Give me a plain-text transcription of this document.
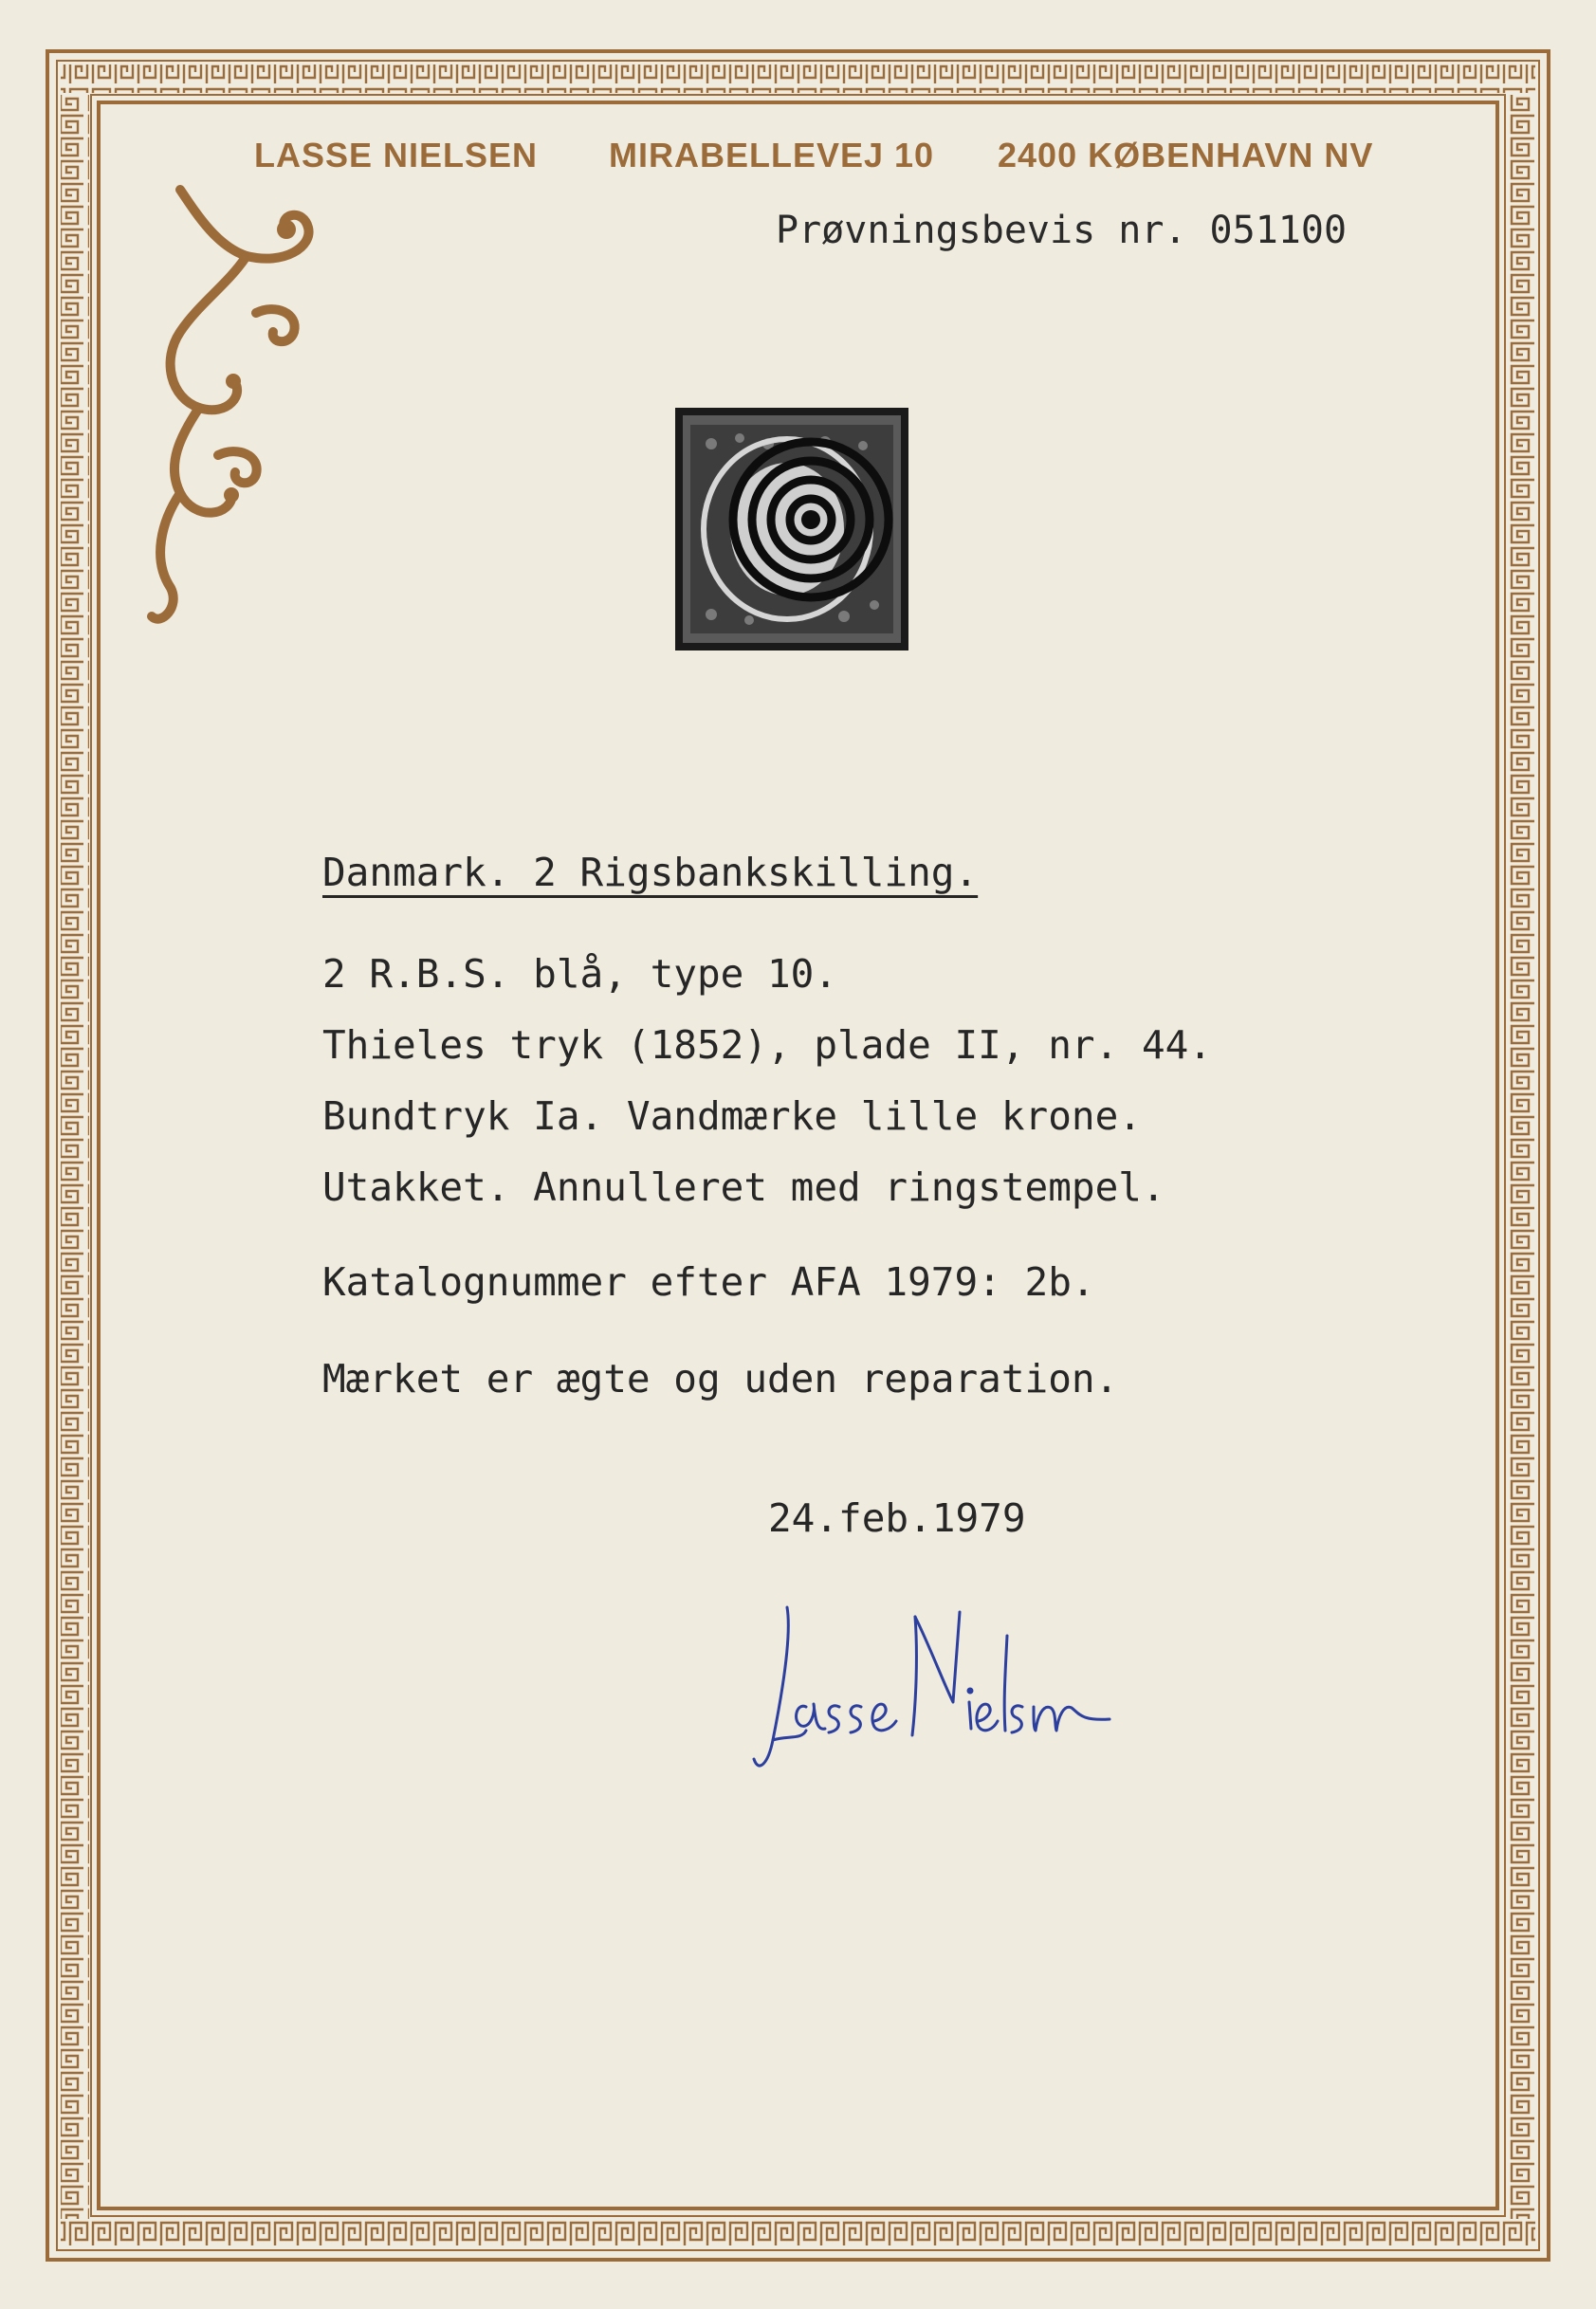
LASSE NIELSEN MIRABELLEVEJ 10 2400 KØBENHAVN NV
Prøvningsbevis nr. 051100
Danmark. 2 Rigsbankskilling.
2 R.B.S. blå, type 10.
Thieles tryk (1852), plade II, nr. 44.
Bundtryk Ia. Vandmærke lille krone.
Utakket. Annulleret med ringstempel.
Katalognummer efter AFA 1979: 2b.
Mærket er ægte og uden reparation.
24.feb.1979
